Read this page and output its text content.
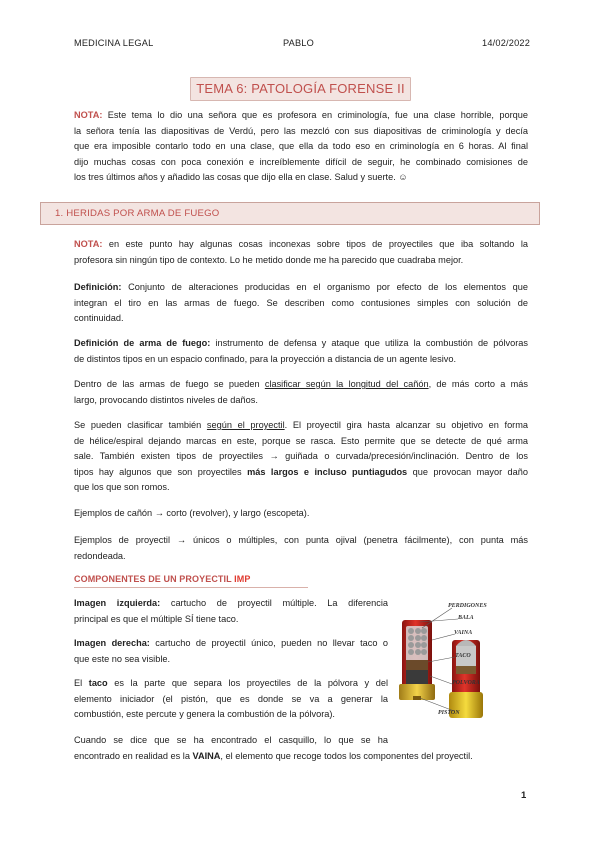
MEDICINA LEGAL	PABLO	14/02/2022
TEMA 6: PATOLOGÍA FORENSE II
NOTA: Este tema lo dio una señora que es profesora en criminología, fue una clase horrible, porque
la señora tenía las diapositivas de Verdú, pero las mezcló con sus diapositivas de criminología y decía
que era imposible contarlo todo en una clase, que ella da todo eso en criminología en 6 horas. Al final
dijo muchas cosas con poca conexión e increíblemente difícil de seguir, he combinado comisiones de
los tres últimos años y añadido las cosas que dijo ella en clase. Salud y suerte. ☺
1. HERIDAS POR ARMA DE FUEGO
NOTA: en este punto hay algunas cosas inconexas sobre tipos de proyectiles que iba soltando la
profesora sin ningún tipo de contexto. Lo he metido donde me ha parecido que cuadraba mejor.
Definición: Conjunto de alteraciones producidas en el organismo por efecto de los elementos que
integran el tiro en las armas de fuego. Se describen como contusiones simples con solución de
continuidad.
Definición de arma de fuego: instrumento de defensa y ataque que utiliza la combustión de pólvoras
de distintos tipos en un espacio confinado, para la proyección a distancia de un agente lesivo.
Dentro de las armas de fuego se pueden clasificar según la longitud del cañón, de más corto a más
largo, provocando distintos niveles de daños.
Se pueden clasificar también según el proyectil. El proyectil gira hasta alcanzar su objetivo en forma
de hélice/espiral dejando marcas en este, porque se rasca. Esto permite que se detecte de qué arma
sale. También existen tipos de proyectiles → guiñada o curvada/precesión/inclinación. Dentro de los
tipos hay algunos que son proyectiles más largos e incluso puntiagudos que provocan mayor daño
que los que son romos.
Ejemplos de cañón → corto (revolver), y largo (escopeta).
Ejemplos de proyectil → únicos o múltiples, con punta ojival (penetra fácilmente), con punta más
redondeada.
COMPONENTES DE UN PROYECTIL IMP
Imagen izquierda: cartucho de proyectil múltiple. La diferencia
principal es que el múltiple SÍ tiene taco.
Imagen derecha: cartucho de proyectil único, pueden no llevar taco o
que este no sea visible.
El taco es la parte que separa los proyectiles de la pólvora y del
elemento iniciador (el pistón, que es donde se va a generar la
combustión, este percute y genera la combustión de la pólvora).
Cuando se dice que se ha encontrado el casquillo, lo que se ha
encontrado en realidad es la VAINA, el elemento que recoge todos los componentes del proyectil.
PERDIGONES
BALA
VAINA
TACO
POLVORA
PISTON
1
